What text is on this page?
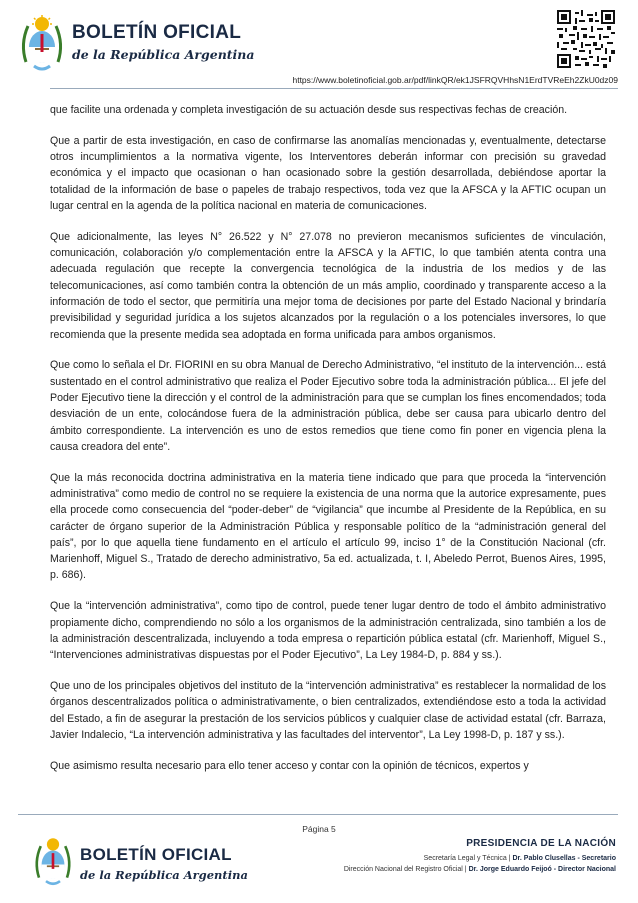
BOLETÍN OFICIAL
de la República Argentina
https://www.boletinoficial.gob.ar/pdf/linkQR/ek1JSFRQVHhsN1ErdTVReEh2ZkU0dz09

que facilite una ordenada y completa investigación de su actuación desde sus respectivas fechas de creación.

Que a partir de esta investigación, en caso de confirmarse las anomalías mencionadas y, eventualmente, detectarse otros incumplimientos a la normativa vigente, los Interventores deberán informar con precisión su gravedad económica y el impacto que ocasionan o han ocasionado sobre la gestión desarrollada, debiéndose aportar la totalidad de la información de base o papeles de trabajo respectivos, toda vez que la AFSCA y la AFTIC ocupan un lugar central en la agenda de la política nacional en materia de comunicaciones.

Que adicionalmente, las leyes N° 26.522 y N° 27.078 no previeron mecanismos suficientes de vinculación, comunicación, colaboración y/o complementación entre la AFSCA y la AFTIC, lo que también atenta contra una adecuada regulación que recepte la convergencia tecnológica de la industria de los medios y de las telecomunicaciones, así como también contra la obtención de un más amplio, coordinado y transparente acceso a la información de todo el sector, que permitiría una mejor toma de decisiones por parte del Estado Nacional y brindaría previsibilidad y seguridad jurídica a los sujetos alcanzados por la regulación o a los potenciales inversores, lo que recomienda que la presente medida sea adoptada en forma unificada para ambos organismos.

Que como lo señala el Dr. FIORINI en su obra Manual de Derecho Administrativo, “el instituto de la intervención... está sustentado en el control administrativo que realiza el Poder Ejecutivo sobre toda la administración pública... El jefe del Poder Ejecutivo tiene la dirección y el control de la administración para que se cumplan los fines encomendados; toda desviación de un ente, colocándose fuera de la administración pública, debe ser causa para ubicarlo dentro del ámbito correspondiente. La intervención es uno de estos remedios que tiene como fin poner en vigencia plena la causa creadora del ente”.

Que la más reconocida doctrina administrativa en la materia tiene indicado que para que proceda la “intervención administrativa” como medio de control no se requiere la existencia de una norma que la autorice expresamente, pues ella procede como consecuencia del “poder-deber” de “vigilancia” que incumbe al Presidente de la República, en su carácter de órgano superior de la Administración Pública y responsable político de la “administración general del país”, por lo que aquella tiene fundamento en el artículo el artículo 99, inciso 1° de la Constitución Nacional (cfr. Marienhoff, Miguel S., Tratado de derecho administrativo, 5a ed. actualizada, t. I, Abeledo Perrot, Buenos Aires, 1995, p. 686).

Que la “intervención administrativa”, como tipo de control, puede tener lugar dentro de todo el ámbito administrativo propiamente dicho, comprendiendo no sólo a los organismos de la administración centralizada, sino también a los de la administración descentralizada, incluyendo a toda empresa o repartición pública estatal (cfr. Marienhoff, Miguel S., “Intervenciones administrativas dispuestas por el Poder Ejecutivo”, La Ley 1984-D, p. 884 y ss.).

Que uno de los principales objetivos del instituto de la “intervención administrativa” es restablecer la normalidad de los órganos descentralizados política o administrativamente, o bien centralizados, extendiéndose esto a toda la actividad del Estado, a fin de asegurar la prestación de los servicios públicos y cualquier clase de actividad estatal (cfr. Barraza, Javier Indalecio, “La intervención administrativa y las facultades del interventor”, La Ley 1998-D, p. 187 y ss.).

Que asimismo resulta necesario para ello tener acceso y contar con la opinión de técnicos, expertos y

Página 5
BOLETÍN OFICIAL
de la República Argentina
PRESIDENCIA DE LA NACIÓN
Secretaría Legal y Técnica | Dr. Pablo Clusellas - Secretario
Dirección Nacional del Registro Oficial | Dr. Jorge Eduardo Feijoó - Director Nacional
